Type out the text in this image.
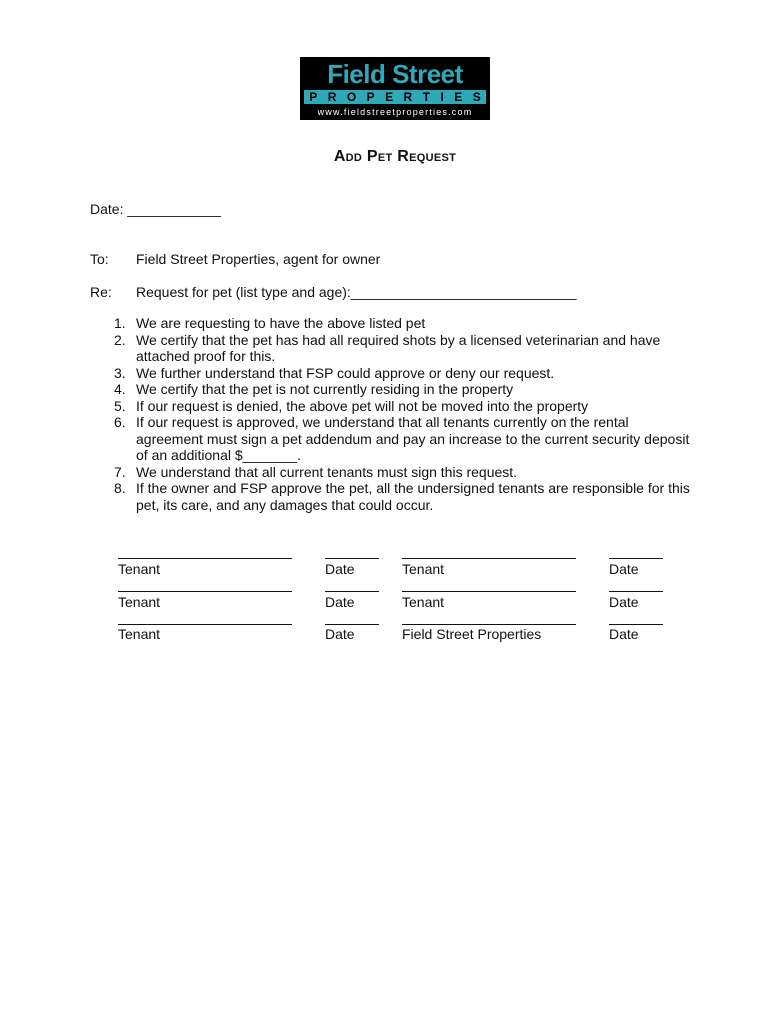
Field Street
P R O P E R T I E S
www.fieldstreetproperties.com
Add Pet Request
Date: ____________
To: Field Street Properties, agent for owner
Re: Request for pet (list type and age):_____________________________
1. We are requesting to have the above listed pet
2. We certify that the pet has had all required shots by a licensed veterinarian and have attached proof for this.
3. We further understand that FSP could approve or deny our request.
4. We certify that the pet is not currently residing in the property
5. If our request is denied, the above pet will not be moved into the property
6. If our request is approved, we understand that all tenants currently on the rental agreement must sign a pet addendum and pay an increase to the current security deposit of an additional $_______.
7. We understand that all current tenants must sign this request.
8. If the owner and FSP approve the pet, all the undersigned tenants are responsible for this pet, its care, and any damages that could occur.
Tenant	Date	Tenant	Date
Tenant	Date	Tenant	Date
Tenant	Date	Field Street Properties	Date
